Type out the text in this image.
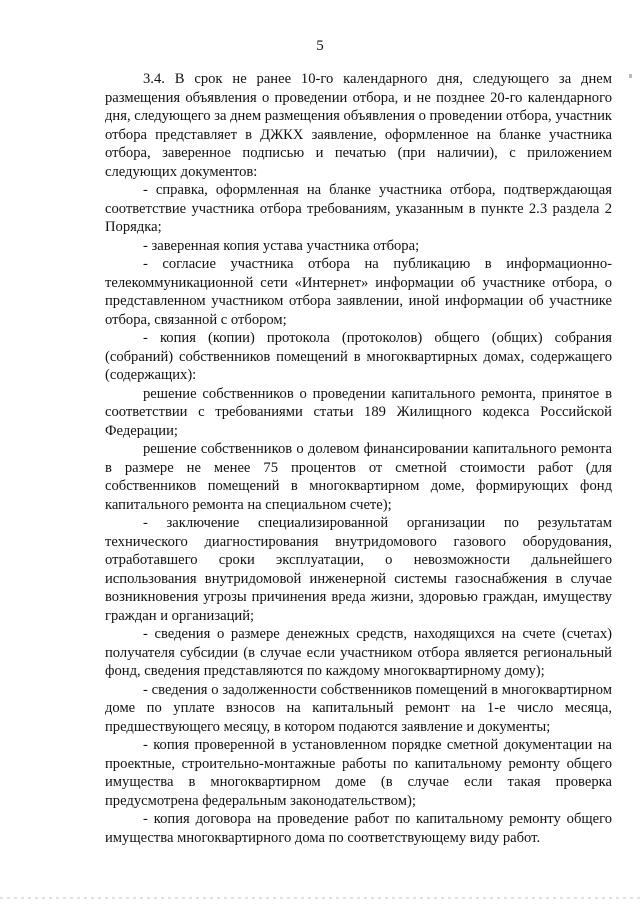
5

3.4. В срок не ранее 10-го календарного дня, следующего за днем размещения объявления о проведении отбора, и не позднее 20-го календарного дня, следующего за днем размещения объявления о проведении отбора, участник отбора представляет в ДЖКХ заявление, оформленное на бланке участника отбора, заверенное подписью и печатью (при наличии), с приложением следующих документов:

- справка, оформленная на бланке участника отбора, подтверждающая соответствие участника отбора требованиям, указанным в пункте 2.3 раздела 2 Порядка;

- заверенная копия устава участника отбора;

- согласие участника отбора на публикацию в информационно-телекоммуникационной сети «Интернет» информации об участнике отбора, о представленном участником отбора заявлении, иной информации об участнике отбора, связанной с отбором;

- копия (копии) протокола (протоколов) общего (общих) собрания (собраний) собственников помещений в многоквартирных домах, содержащего (содержащих):

решение собственников о проведении капитального ремонта, принятое в соответствии с требованиями статьи 189 Жилищного кодекса Российской Федерации;

решение собственников о долевом финансировании капитального ремонта в размере не менее 75 процентов от сметной стоимости работ (для собственников помещений в многоквартирном доме, формирующих фонд капитального ремонта на специальном счете);

- заключение специализированной организации по результатам технического диагностирования внутридомового газового оборудования, отработавшего сроки эксплуатации, о невозможности дальнейшего использования внутридомовой инженерной системы газоснабжения в случае возникновения угрозы причинения вреда жизни, здоровью граждан, имуществу граждан и организаций;

- сведения о размере денежных средств, находящихся на счете (счетах) получателя субсидии (в случае если участником отбора является региональный фонд, сведения представляются по каждому многоквартирному дому);

- сведения о задолженности собственников помещений в многоквартирном доме по уплате взносов на капитальный ремонт на 1-е число месяца, предшествующего месяцу, в котором подаются заявление и документы;

- копия проверенной в установленном порядке сметной документации на проектные, строительно-монтажные работы по капитальному ремонту общего имущества в многоквартирном доме (в случае если такая проверка предусмотрена федеральным законодательством);

- копия договора на проведение работ по капитальному ремонту общего имущества многоквартирного дома по соответствующему виду работ.
